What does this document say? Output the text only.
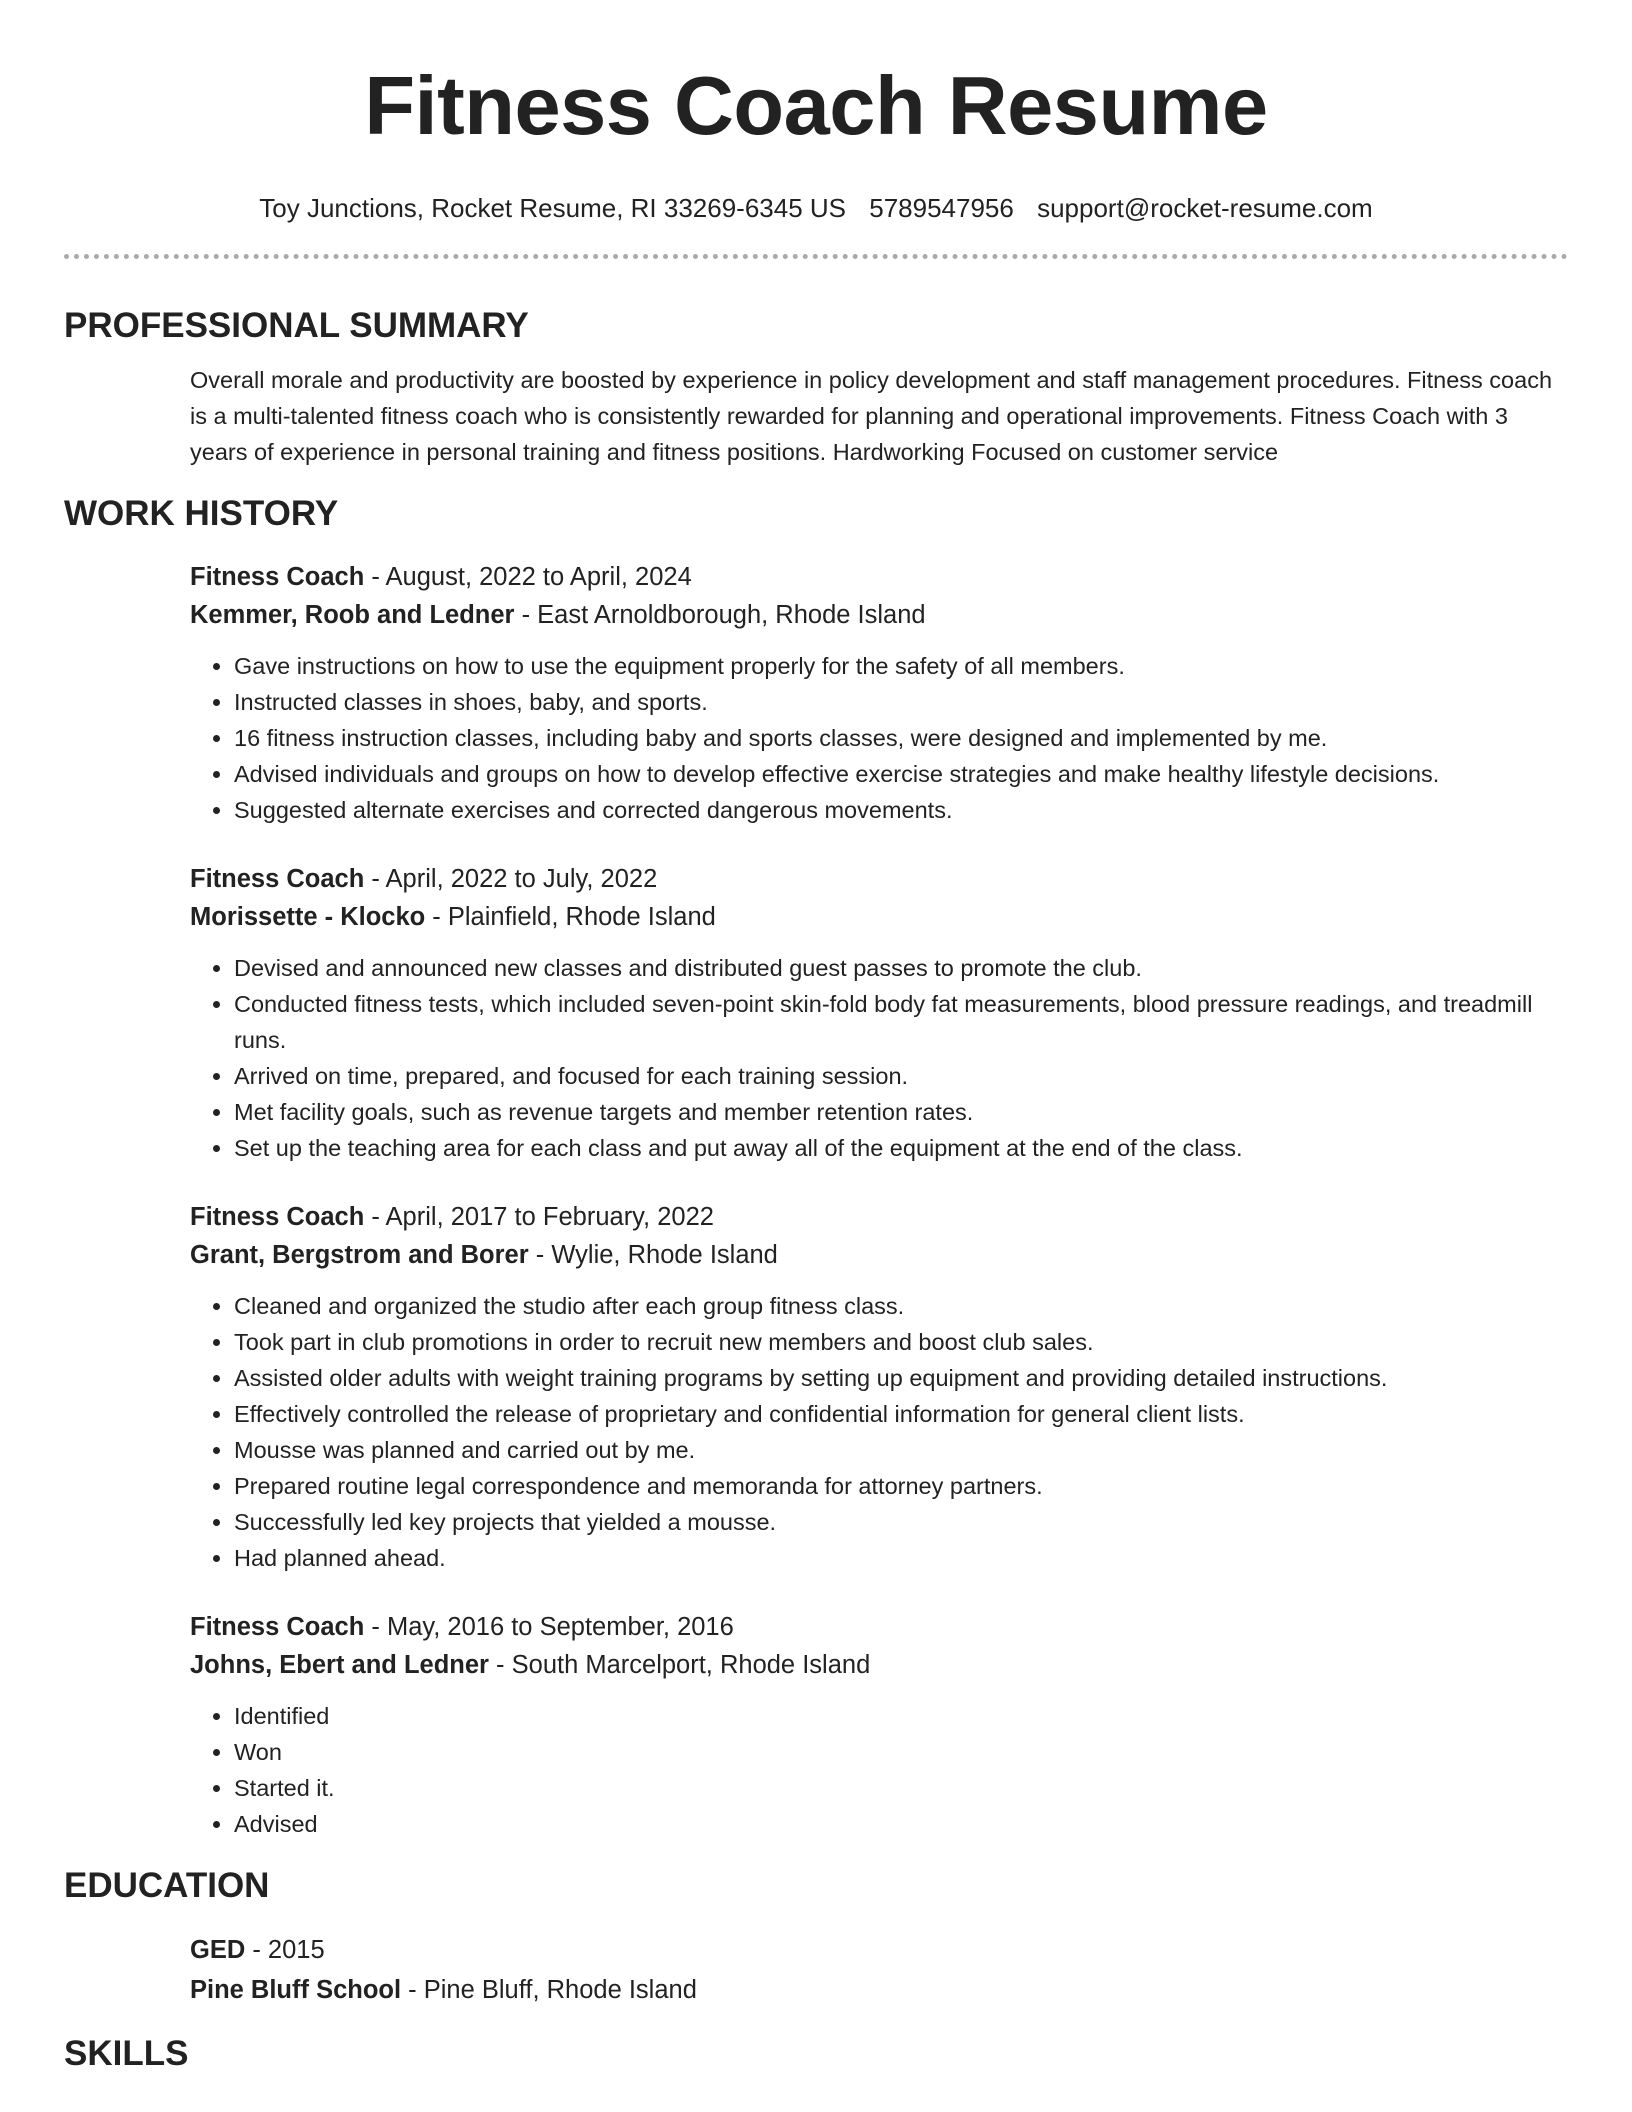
Fitness Coach Resume
Toy Junctions, Rocket Resume, RI 33269-6345 US 5789547956 support@rocket-resume.com
PROFESSIONAL SUMMARY

Overall morale and productivity are boosted by experience in policy development and staff management procedures. Fitness coach is a multi-talented fitness coach who is consistently rewarded for planning and operational improvements. Fitness Coach with 3 years of experience in personal training and fitness positions. Hardworking Focused on customer service

WORK HISTORY
Fitness Coach - August, 2022 to April, 2024
Kemmer, Roob and Ledner - East Arnoldborough, Rhode Island
• Gave instructions on how to use the equipment properly for the safety of all members.
• Instructed classes in shoes, baby, and sports.
• 16 fitness instruction classes, including baby and sports classes, were designed and implemented by me.
• Advised individuals and groups on how to develop effective exercise strategies and make healthy lifestyle decisions.
• Suggested alternate exercises and corrected dangerous movements.
Fitness Coach - April, 2022 to July, 2022
Morissette - Klocko - Plainfield, Rhode Island
• Devised and announced new classes and distributed guest passes to promote the club.
• Conducted fitness tests, which included seven-point skin-fold body fat measurements, blood pressure readings, and treadmill runs.
• Arrived on time, prepared, and focused for each training session.
• Met facility goals, such as revenue targets and member retention rates.
• Set up the teaching area for each class and put away all of the equipment at the end of the class.
Fitness Coach - April, 2017 to February, 2022
Grant, Bergstrom and Borer - Wylie, Rhode Island
• Cleaned and organized the studio after each group fitness class.
• Took part in club promotions in order to recruit new members and boost club sales.
• Assisted older adults with weight training programs by setting up equipment and providing detailed instructions.
• Effectively controlled the release of proprietary and confidential information for general client lists.
• Mousse was planned and carried out by me.
• Prepared routine legal correspondence and memoranda for attorney partners.
• Successfully led key projects that yielded a mousse.
• Had planned ahead.
Fitness Coach - May, 2016 to September, 2016
Johns, Ebert and Ledner - South Marcelport, Rhode Island
• Identified
• Won
• Started it.
• Advised
EDUCATION
GED - 2015
Pine Bluff School - Pine Bluff, Rhode Island
SKILLS
